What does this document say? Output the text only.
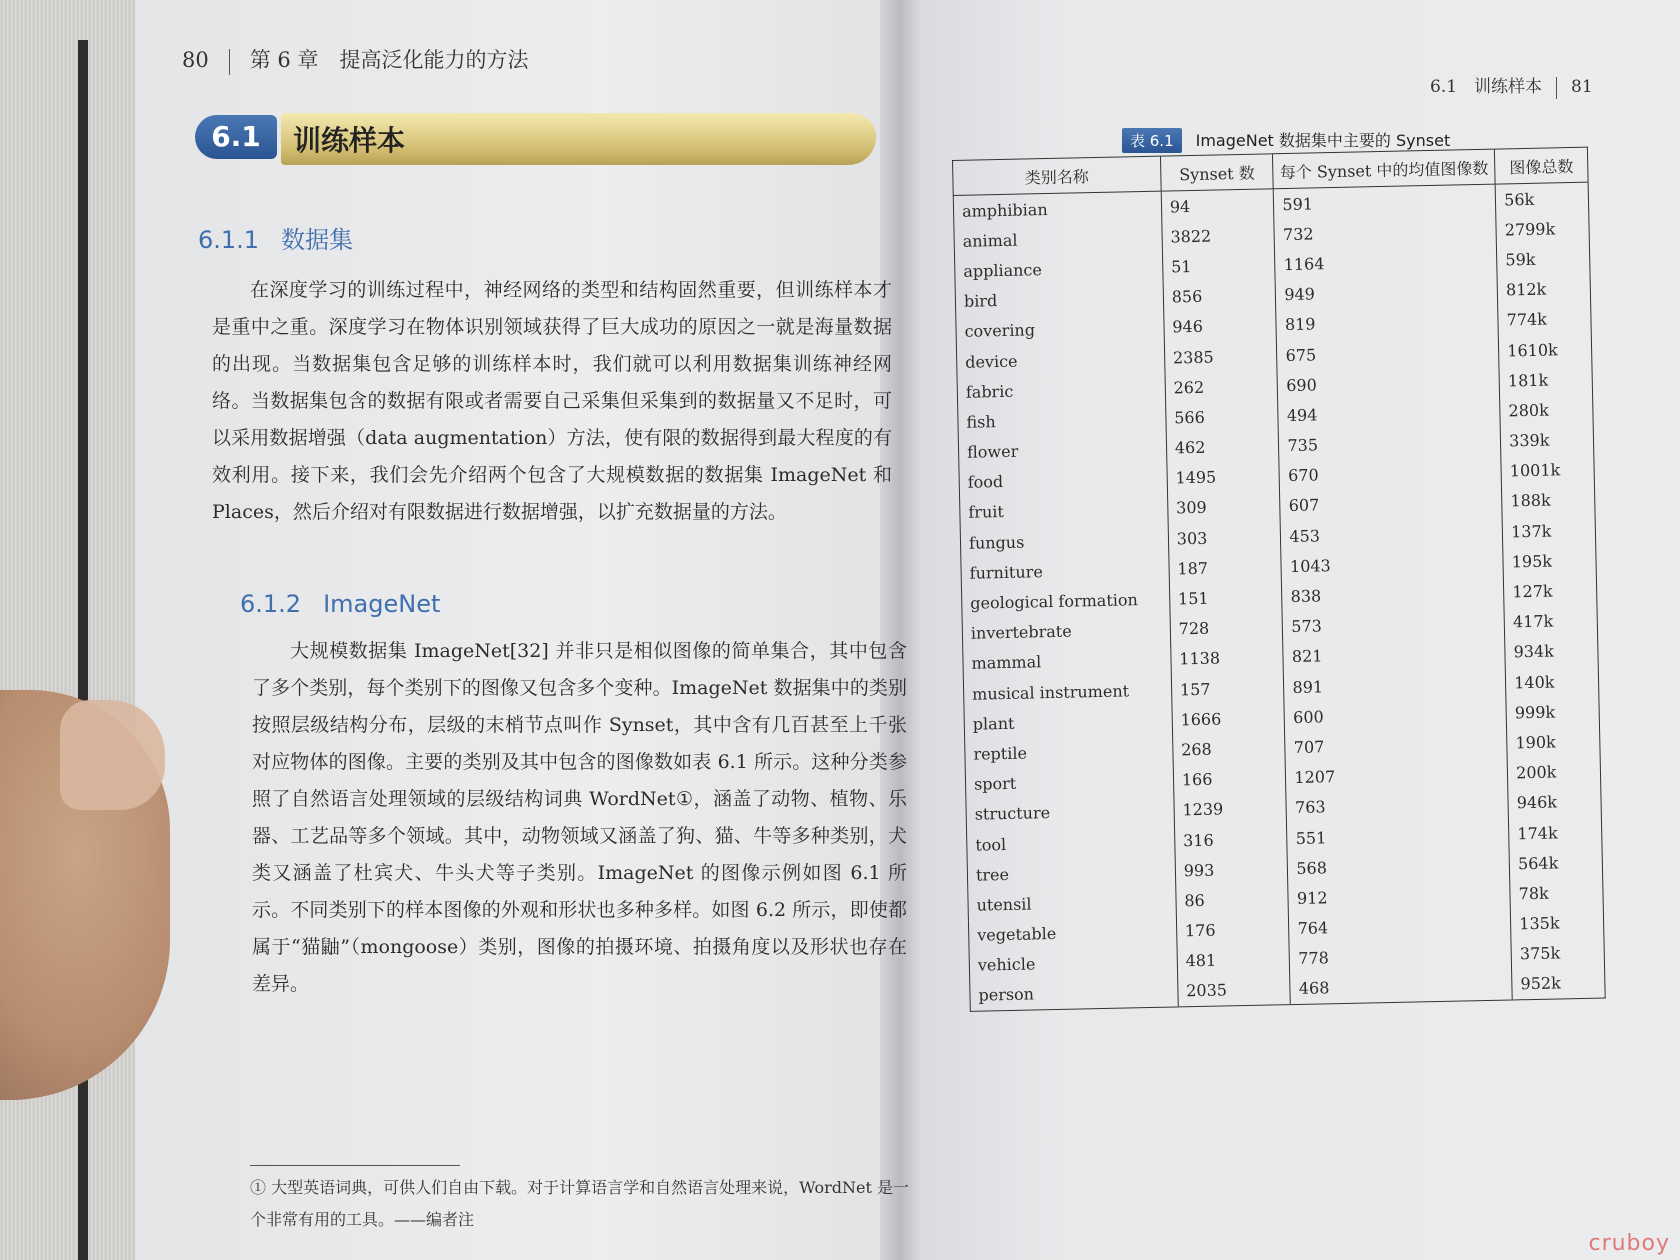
80 第 6 章　提高泛化能力的方法
6.1	训练样本
6.1.1 数据集

在深度学习的训练过程中，神经网络的类型和结构固然重要，但训练样本才是重中之重。深度学习在物体识别领域获得了巨大成功的原因之一就是海量数据的出现。当数据集包含足够的训练样本时，我们就可以利用数据集训练神经网络。当数据集包含的数据有限或者需要自己采集但采集到的数据量又不足时，可以采用数据增强（data augmentation）方法，使有限的数据得到最大程度的有效利用。接下来，我们会先介绍两个包含了大规模数据的数据集 ImageNet 和 Places，然后介绍对有限数据进行数据增强，以扩充数据量的方法。

6.1.2 ImageNet

大规模数据集 ImageNet[32] 并非只是相似图像的简单集合，其中包含了多个类别，每个类别下的图像又包含多个变种。ImageNet 数据集中的类别按照层级结构分布，层级的末梢节点叫作 Synset，其中含有几百甚至上千张对应物体的图像。主要的类别及其中包含的图像数如表 6.1 所示。这种分类参照了自然语言处理领域的层级结构词典 WordNet①，涵盖了动物、植物、乐器、工艺品等多个领域。其中，动物领域又涵盖了狗、猫、牛等多种类别，犬类又涵盖了杜宾犬、牛头犬等子类别。ImageNet 的图像示例如图 6.1 所示。不同类别下的样本图像的外观和形状也多种多样。如图 6.2 所示，即使都属于“猫鼬”（mongoose）类别，图像的拍摄环境、拍摄角度以及形状也存在差异。

① 大型英语词典，可供人们自由下载。对于计算语言学和自然语言处理来说，WordNet 是一个非常有用的工具。——编者注
6.1　训练样本 81
表 6.1 ImageNet 数据集中主要的 Synset
类别名称	Synset 数	每个 Synset 中的均值图像数	图像总数
amphibian	94	591	56k
animal	3822	732	2799k
appliance	51	1164	59k
bird	856	949	812k
covering	946	819	774k
device	2385	675	1610k
fabric	262	690	181k
fish	566	494	280k
flower	462	735	339k
food	1495	670	1001k
fruit	309	607	188k
fungus	303	453	137k
furniture	187	1043	195k
geological formation	151	838	127k
invertebrate	728	573	417k
mammal	1138	821	934k
musical instrument	157	891	140k
plant	1666	600	999k
reptile	268	707	190k
sport	166	1207	200k
structure	1239	763	946k
tool	316	551	174k
tree	993	568	564k
utensil	86	912	78k
vegetable	176	764	135k
vehicle	481	778	375k
person	2035	468	952k
cruboy
